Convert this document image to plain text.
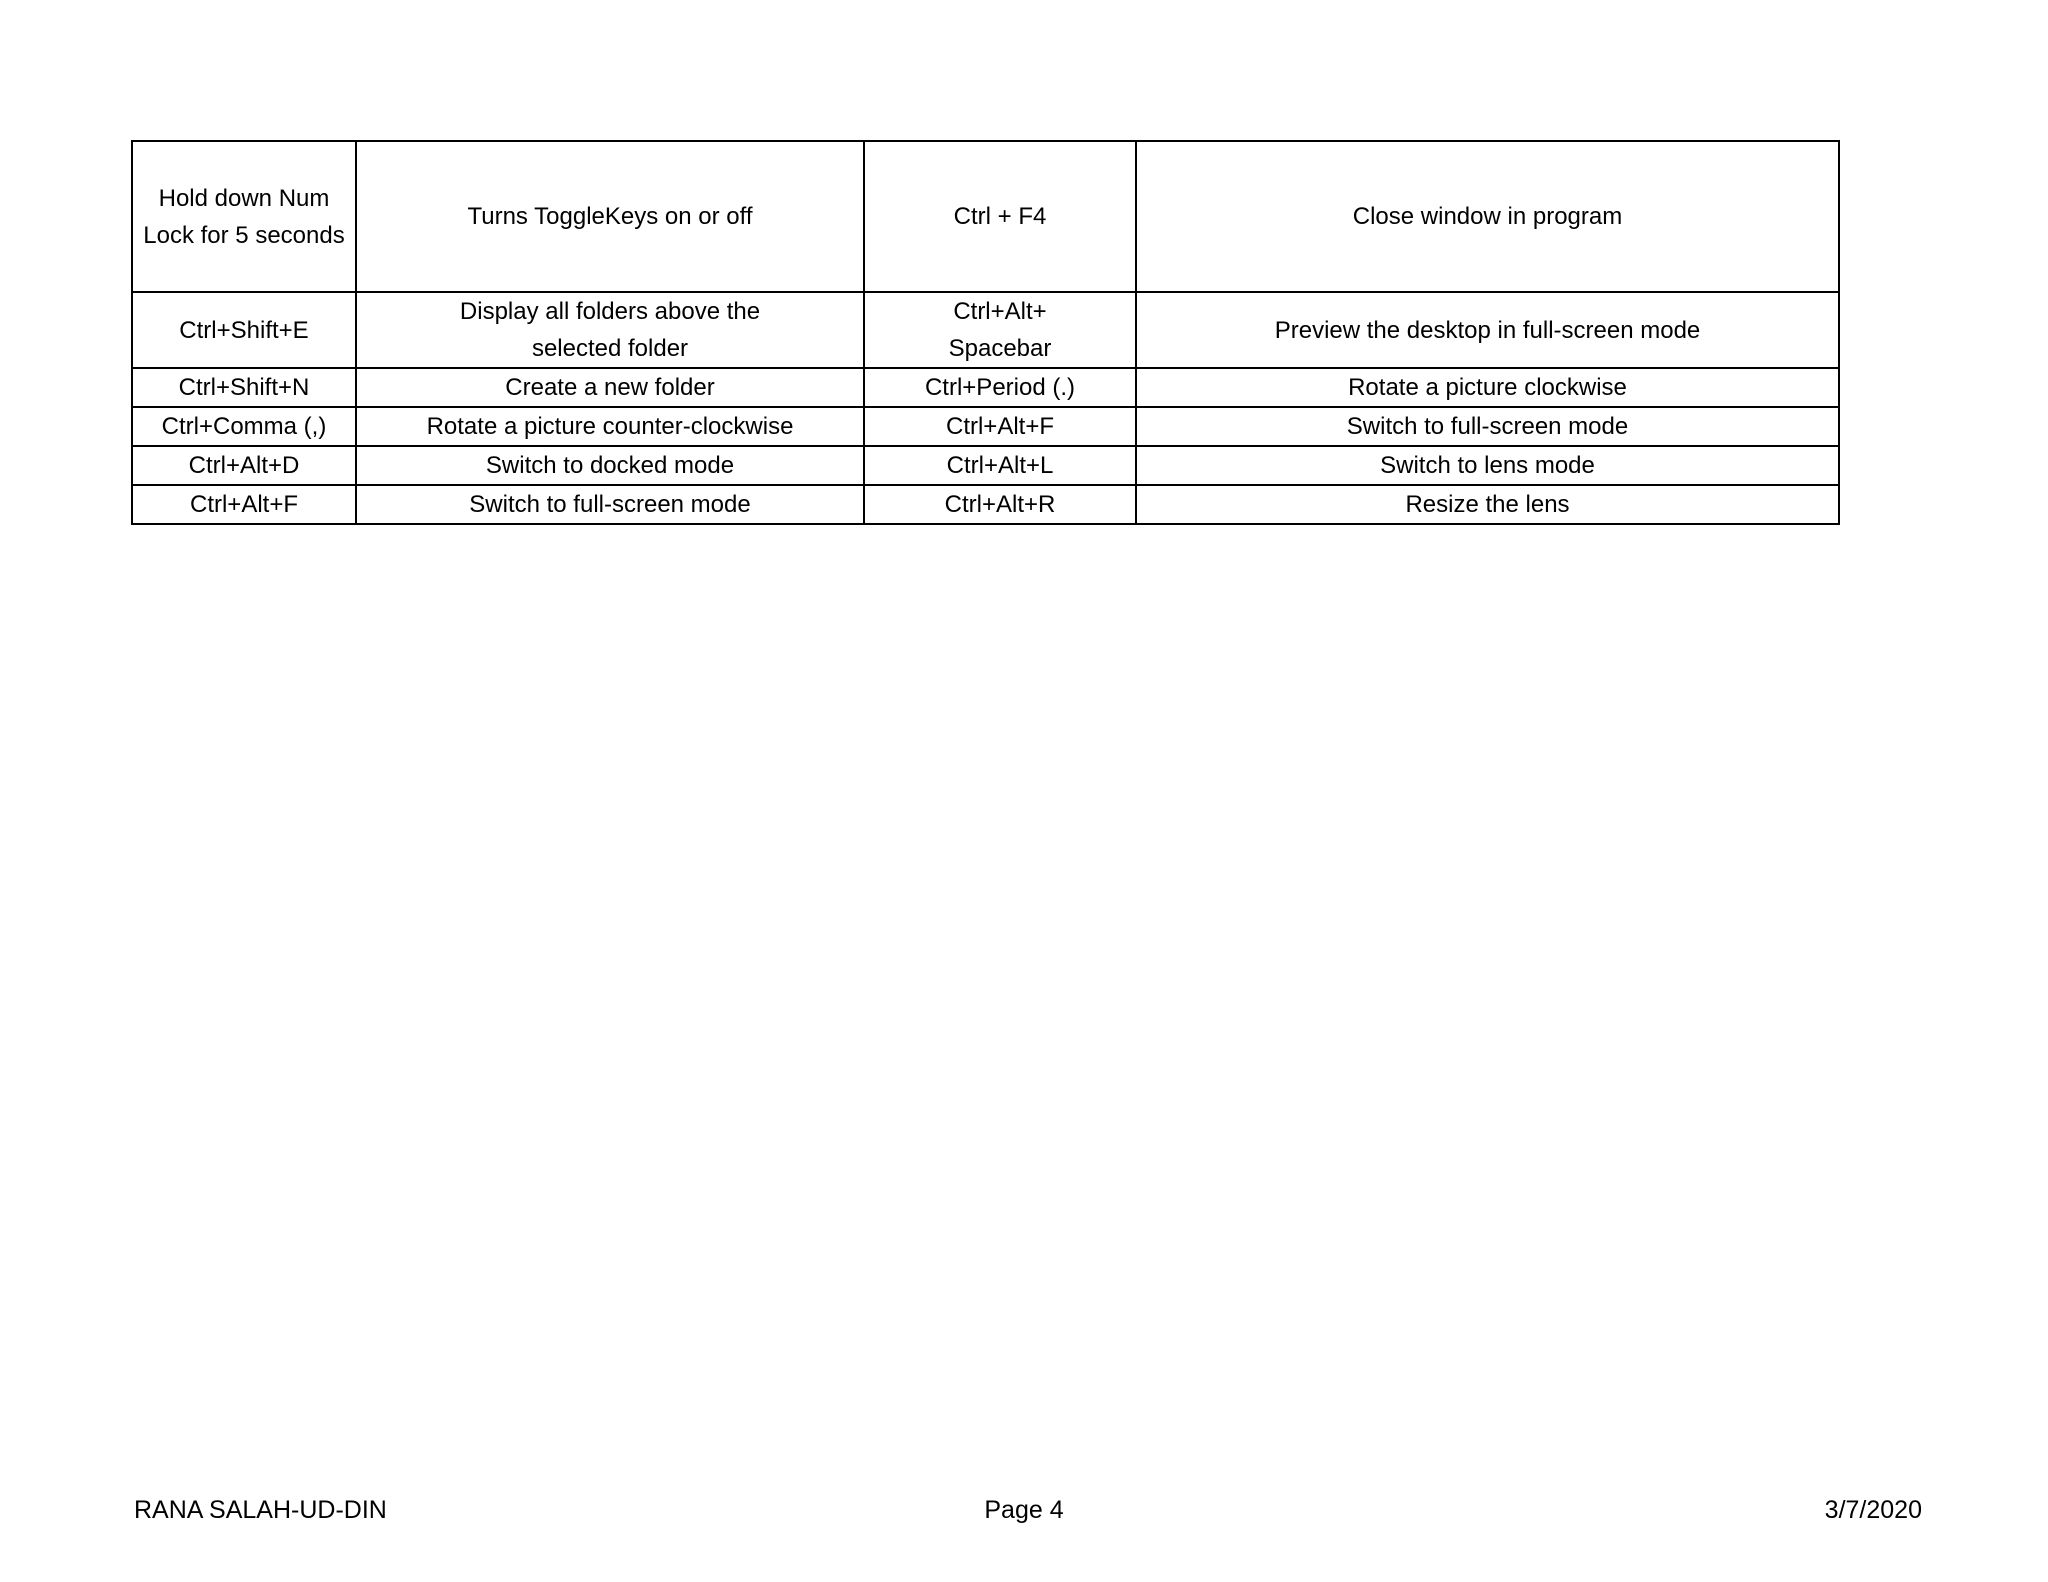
Hold down Num Lock for 5 seconds	Turns ToggleKeys on or off	Ctrl + F4	Close window in program
Ctrl+Shift+E	Display all folders above the selected folder	Ctrl+Alt+ Spacebar	Preview the desktop in full-screen mode
Ctrl+Shift+N	Create a new folder	Ctrl+Period (.)	Rotate a picture clockwise
Ctrl+Comma (,)	Rotate a picture counter-clockwise	Ctrl+Alt+F	Switch to full-screen mode
Ctrl+Alt+D	Switch to docked mode	Ctrl+Alt+L	Switch to lens mode
Ctrl+Alt+F	Switch to full-screen mode	Ctrl+Alt+R	Resize the lens
RANA SALAH-UD-DIN	Page 4	3/7/2020
